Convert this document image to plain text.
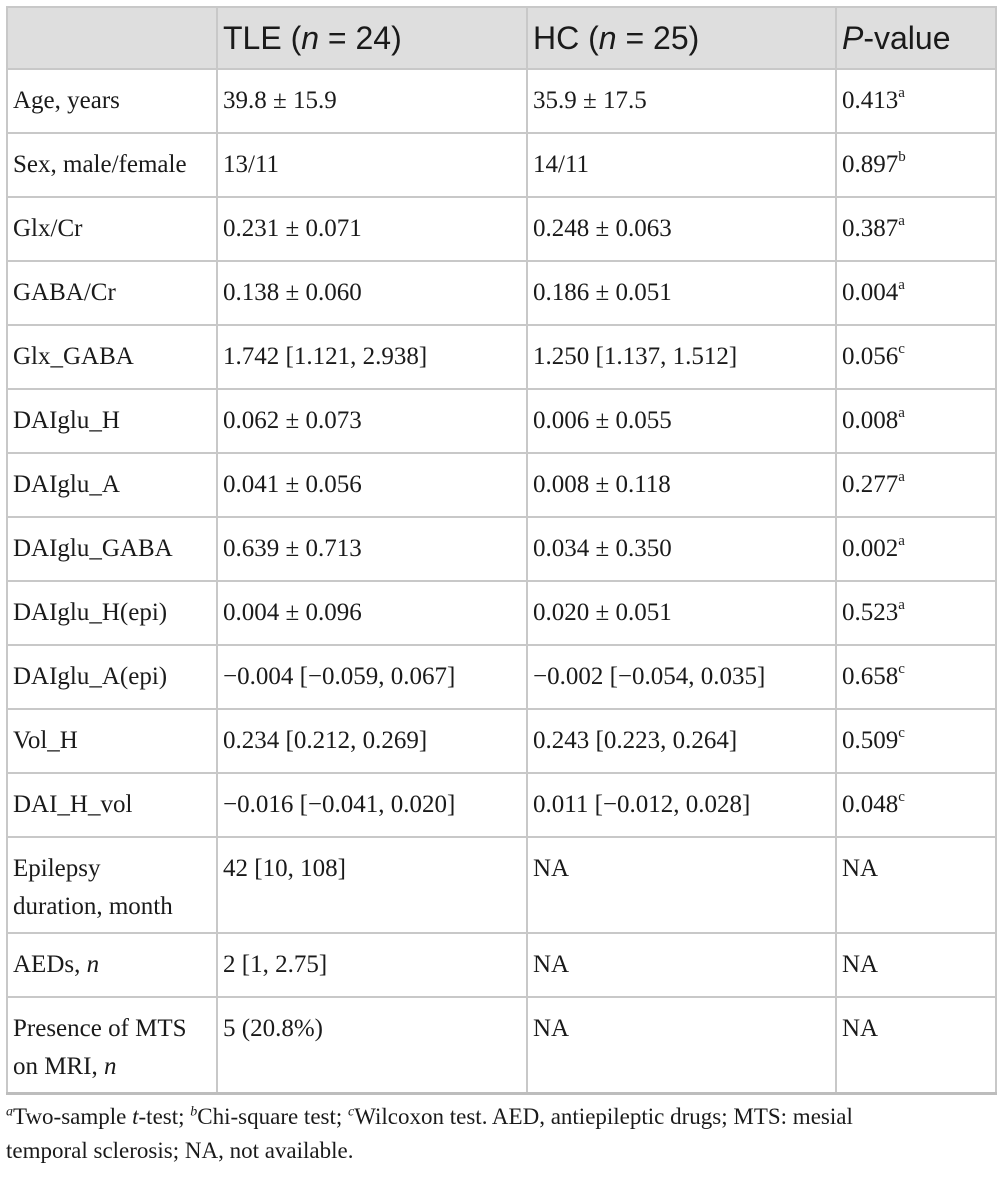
	TLE (n = 24)	HC (n = 25)	P-value
Age, years	39.8 ± 15.9	35.9 ± 17.5	0.413$^a$
Sex, male/female	13/11	14/11	0.897$^b$
Glx/Cr	0.231 ± 0.071	0.248 ± 0.063	0.387$^a$
GABA/Cr	0.138 ± 0.060	0.186 ± 0.051	0.004$^a$
Glx_GABA	1.742 [1.121, 2.938]	1.250 [1.137, 1.512]	0.056$^c$
DAIglu_H	0.062 ± 0.073	0.006 ± 0.055	0.008$^a$
DAIglu_A	0.041 ± 0.056	0.008 ± 0.118	0.277$^a$
DAIglu_GABA	0.639 ± 0.713	0.034 ± 0.350	0.002$^a$
DAIglu_H(epi)	0.004 ± 0.096	0.020 ± 0.051	0.523$^a$
DAIglu_A(epi)	−0.004 [−0.059, 0.067]	−0.002 [−0.054, 0.035]	0.658$^c$
Vol_H	0.234 [0.212, 0.269]	0.243 [0.223, 0.264]	0.509$^c$
DAI_H_vol	−0.016 [−0.041, 0.020]	0.011 [−0.012, 0.028]	0.048$^c$
Epilepsy
duration, month	42 [10, 108]	NA	NA
AEDs, n	2 [1, 2.75]	NA	NA
Presence of MTS
on MRI, n	5 (20.8%)	NA	NA
$^a$Two-sample t-test; $^b$Chi-square test; $^c$Wilcoxon test. AED, antiepileptic drugs; MTS: mesial
temporal sclerosis; NA, not available.
